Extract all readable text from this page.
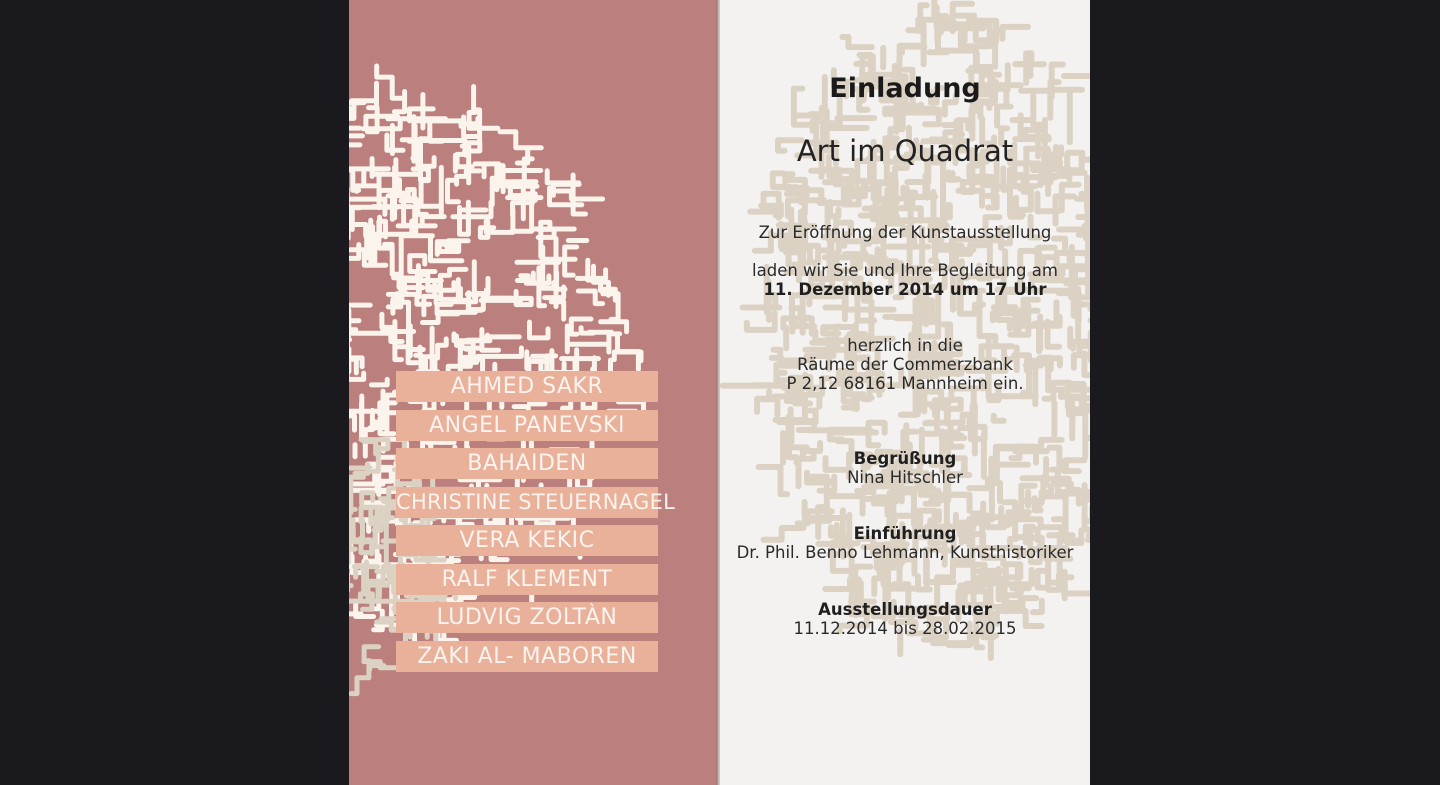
AHMED SAKR
ANGEL PANEVSKI
BAHAIDEN
CHRISTINE STEUERNAGEL
VERA KEKIC
RALF KLEMENT
LUDVIG ZOLTÀN
ZAKI AL- MABOREN
Einladung
Art im Quadrat
Zur Eröffnung der Kunstausstellung
laden wir Sie und Ihre Begleitung am
11. Dezember 2014 um 17 Uhr
herzlich in die
Räume der Commerzbank
P 2,12 68161 Mannheim ein.
Begrüßung
Nina Hitschler
Einführung
Dr. Phil. Benno Lehmann, Kunsthistoriker
Ausstellungsdauer
11.12.2014 bis 28.02.2015
